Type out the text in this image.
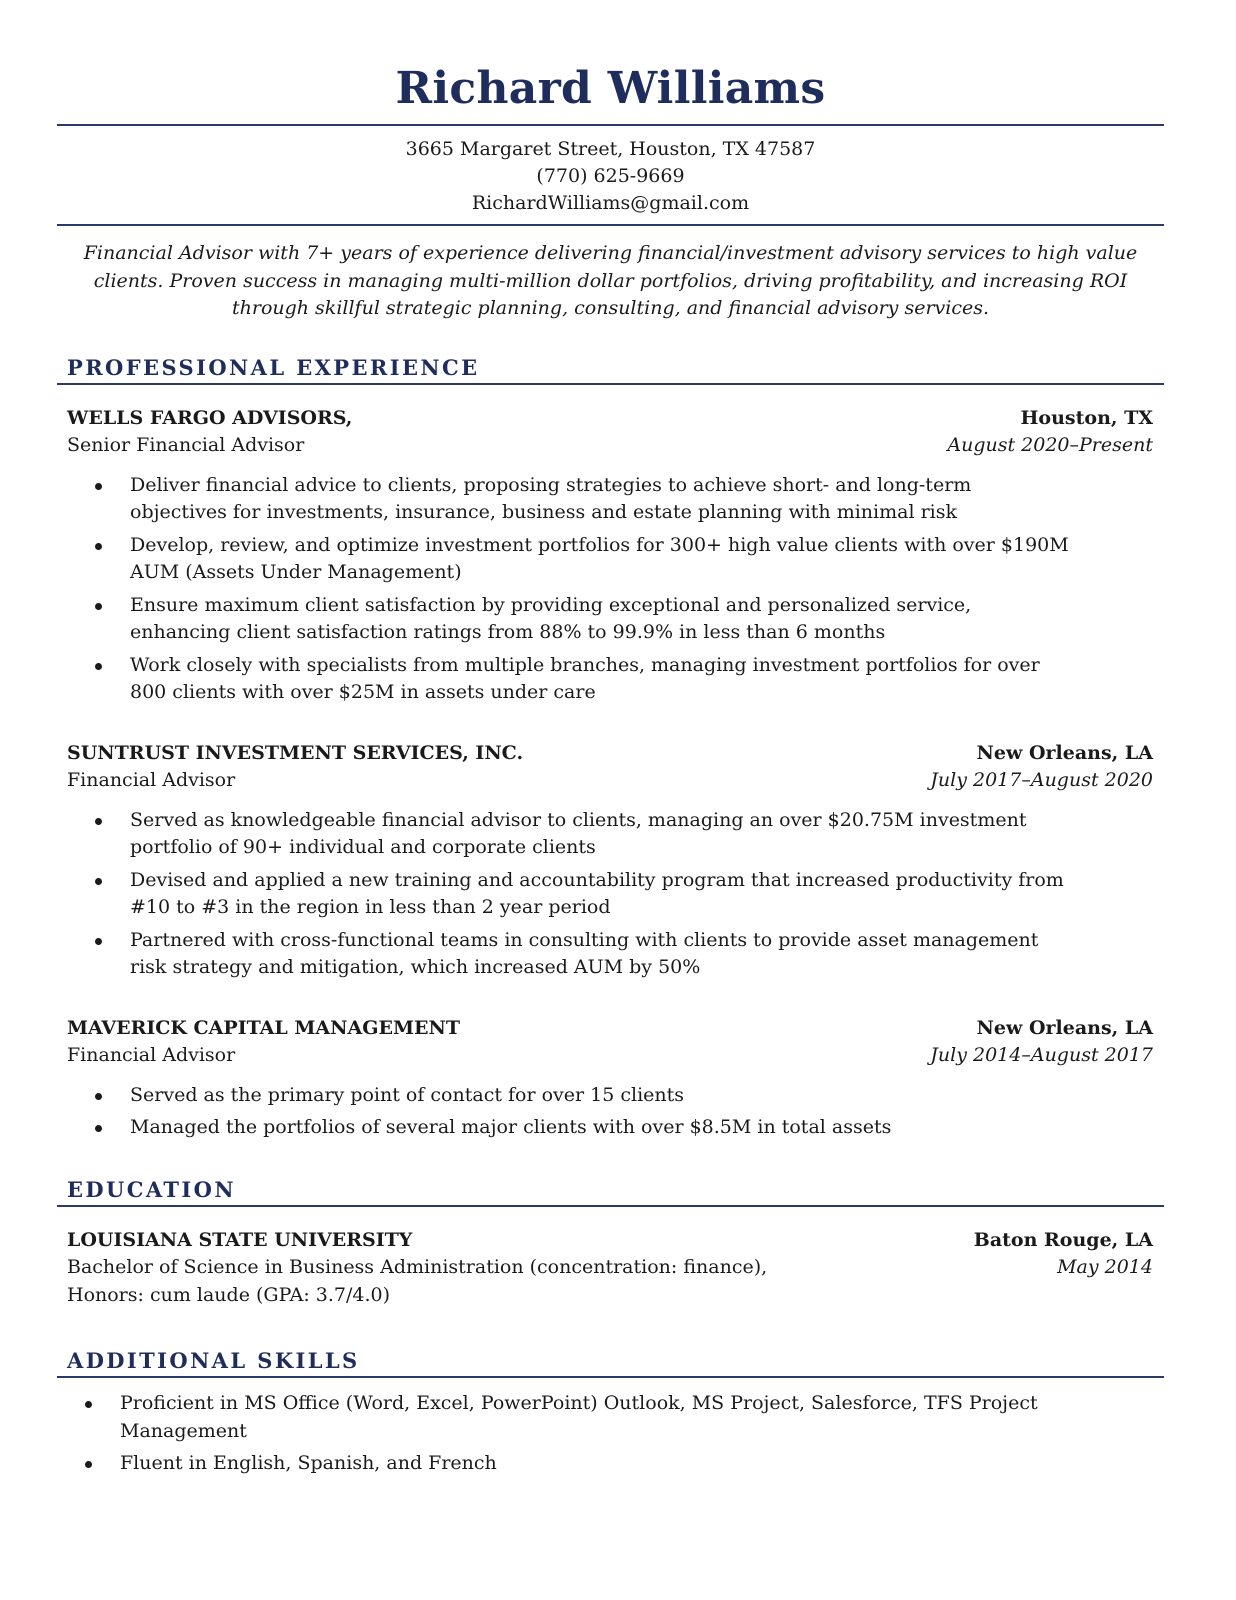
Richard Williams
3665 Margaret Street, Houston, TX 47587
(770) 625-9669
RichardWilliams@gmail.com
Financial Advisor with 7+ years of experience delivering financial/investment advisory services to high value clients. Proven success in managing multi-million dollar portfolios, driving profitability, and increasing ROI through skillful strategic planning, consulting, and financial advisory services.
PROFESSIONAL EXPERIENCE
WELLS FARGO ADVISORS,	Houston, TX
Senior Financial Advisor	August 2020–Present
Deliver financial advice to clients, proposing strategies to achieve short- and long-term objectives for investments, insurance, business and estate planning with minimal risk
Develop, review, and optimize investment portfolios for 300+ high value clients with over $190M AUM (Assets Under Management)
Ensure maximum client satisfaction by providing exceptional and personalized service, enhancing client satisfaction ratings from 88% to 99.9% in less than 6 months
Work closely with specialists from multiple branches, managing investment portfolios for over 800 clients with over $25M in assets under care
SUNTRUST INVESTMENT SERVICES, INC.	New Orleans, LA
Financial Advisor	July 2017–August 2020
Served as knowledgeable financial advisor to clients, managing an over $20.75M investment portfolio of 90+ individual and corporate clients
Devised and applied a new training and accountability program that increased productivity from #10 to #3 in the region in less than 2 year period
Partnered with cross-functional teams in consulting with clients to provide asset management risk strategy and mitigation, which increased AUM by 50%
MAVERICK CAPITAL MANAGEMENT	New Orleans, LA
Financial Advisor	July 2014–August 2017
Served as the primary point of contact for over 15 clients
Managed the portfolios of several major clients with over $8.5M in total assets
EDUCATION
LOUISIANA STATE UNIVERSITY	Baton Rouge, LA
Bachelor of Science in Business Administration (concentration: finance),	May 2014
Honors: cum laude (GPA: 3.7/4.0)
ADDITIONAL SKILLS
Proficient in MS Office (Word, Excel, PowerPoint) Outlook, MS Project, Salesforce, TFS Project Management
Fluent in English, Spanish, and French
